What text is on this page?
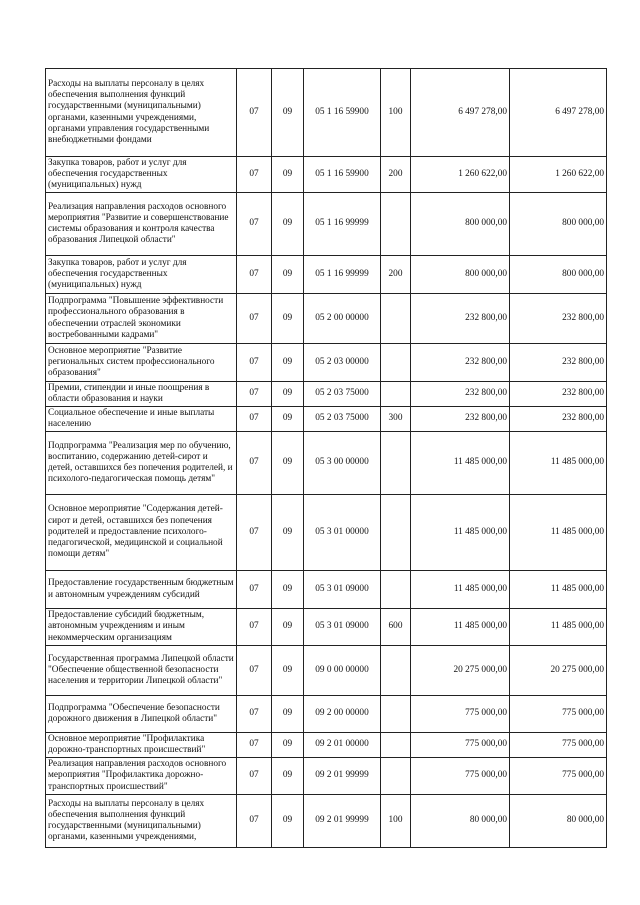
Расходы на выплаты персоналу в целях обеспечения выполнения функций государственными (муниципальными) органами, казенными учреждениями, органами управления государственными внебюджетными фондами	07	09	05 1 16 59900	100	6 497 278,00	6 497 278,00
Закупка товаров, работ и услуг для обеспечения государственных (муниципальных) нужд	07	09	05 1 16 59900	200	1 260 622,00	1 260 622,00
Реализация направления расходов основного мероприятия "Развитие и совершенствование системы образования и контроля качества образования Липецкой области"	07	09	05 1 16 99999		800 000,00	800 000,00
Закупка товаров, работ и услуг для обеспечения государственных (муниципальных) нужд	07	09	05 1 16 99999	200	800 000,00	800 000,00
Подпрограмма "Повышение эффективности профессионального образования в обеспечении отраслей экономики востребованными кадрами"	07	09	05 2 00 00000		232 800,00	232 800,00
Основное мероприятие "Развитие региональных систем профессионального образования"	07	09	05 2 03 00000		232 800,00	232 800,00
Премии, стипендии и иные поощрения в области образования и науки	07	09	05 2 03 75000		232 800,00	232 800,00
Социальное обеспечение и иные выплаты населению	07	09	05 2 03 75000	300	232 800,00	232 800,00
Подпрограмма "Реализация мер по обучению, воспитанию, содержанию детей-сирот и детей, оставшихся без попечения родителей, и психолого-педагогическая помощь детям"	07	09	05 3 00 00000		11 485 000,00	11 485 000,00
Основное мероприятие "Содержания детей-сирот и детей, оставшихся без попечения родителей и предоставление психолого-педагогической, медицинской и социальной помощи детям"	07	09	05 3 01 00000		11 485 000,00	11 485 000,00
Предоставление государственным бюджетным и автономным учреждениям субсидий	07	09	05 3 01 09000		11 485 000,00	11 485 000,00
Предоставление субсидий бюджетным, автономным учреждениям и иным некоммерческим организациям	07	09	05 3 01 09000	600	11 485 000,00	11 485 000,00
Государственная программа Липецкой области "Обеспечение общественной безопасности населения и территории Липецкой области"	07	09	09 0 00 00000		20 275 000,00	20 275 000,00
Подпрограмма "Обеспечение безопасности дорожного движения в Липецкой области"	07	09	09 2 00 00000		775 000,00	775 000,00
Основное мероприятие "Профилактика дорожно-транспортных происшествий"	07	09	09 2 01 00000		775 000,00	775 000,00
Реализация направления расходов основного мероприятия "Профилактика дорожно-транспортных происшествий"	07	09	09 2 01 99999		775 000,00	775 000,00
Расходы на выплаты персоналу в целях обеспечения выполнения функций государственными (муниципальными) органами, казенными учреждениями,	07	09	09 2 01 99999	100	80 000,00	80 000,00
